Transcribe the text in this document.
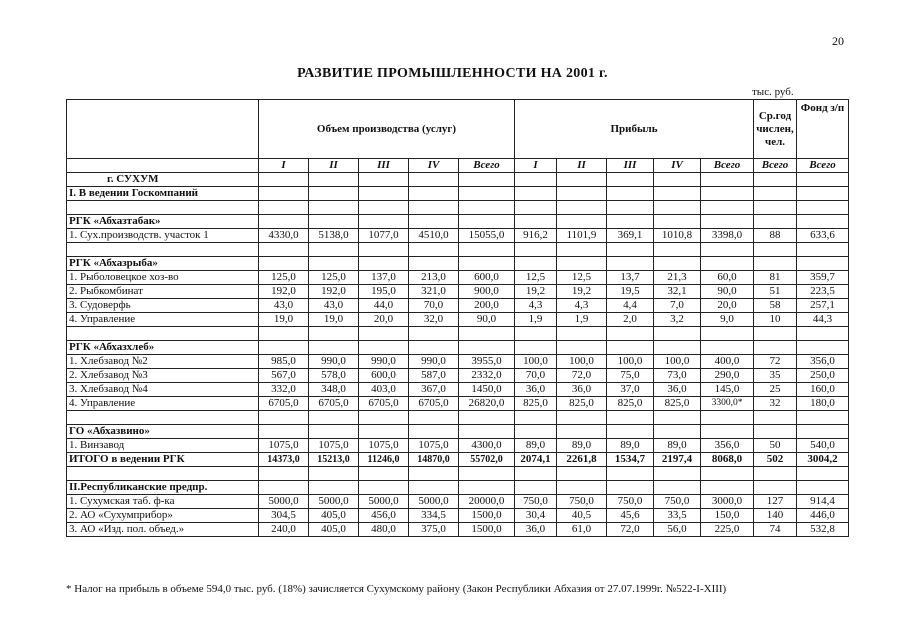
20
РАЗВИТИЕ ПРОМЫШЛЕННОСТИ НА 2001 г.
тыс. руб.
	Объем производства (услуг)					Прибыль					Ср.год числен, чел.	Фонд з/п
	I	II	III	IV	Всего	I	II	III	IV	Всего	Всего	Всего
г. СУХУМ												
I. В ведении Госкомпаний												

РГК «Абхазтабак»												
1. Сух.производств. участок 1	4330,0	5138,0	1077,0	4510,0	15055,0	916,2	1101,9	369,1	1010,8	3398,0	88	633,6

РГК «Абхазрыба»												
1. Рыболовецкое хоз-во	125,0	125,0	137,0	213,0	600,0	12,5	12,5	13,7	21,3	60,0	81	359,7
2. Рыбкомбинат	192,0	192,0	195,0	321,0	900,0	19,2	19,2	19,5	32,1	90,0	51	223,5
3. Судоверфь	43,0	43,0	44,0	70,0	200,0	4,3	4,3	4,4	7,0	20,0	58	257,1
4. Управление	19,0	19,0	20,0	32,0	90,0	1,9	1,9	2,0	3,2	9,0	10	44,3

РГК «Абхазхлеб»												
1. Хлебзавод №2	985,0	990,0	990,0	990,0	3955,0	100,0	100,0	100,0	100,0	400,0	72	356,0
2. Хлебзавод №3	567,0	578,0	600,0	587,0	2332,0	70,0	72,0	75,0	73,0	290,0	35	250,0
3. Хлебзавод №4	332,0	348,0	403,0	367,0	1450,0	36,0	36,0	37,0	36,0	145,0	25	160,0
4. Управление	6705,0	6705,0	6705,0	6705,0	26820,0	825,0	825,0	825,0	825,0	3300,0*	32	180,0

ГО «Абхазвино»												
1. Винзавод	1075,0	1075,0	1075,0	1075,0	4300,0	89,0	89,0	89,0	89,0	356,0	50	540,0
ИТОГО в ведении РГК	14373,0	15213,0	11246,0	14870,0	55702,0	2074,1	2261,8	1534,7	2197,4	8068,0	502	3004,2

II.Республиканские предпр.												
1. Сухумская таб. ф-ка	5000,0	5000,0	5000,0	5000,0	20000,0	750,0	750,0	750,0	750,0	3000,0	127	914,4
2. АО «Сухумприбор»	304,5	405,0	456,0	334,5	1500,0	30,4	40,5	45,6	33,5	150,0	140	446,0
3. АО «Изд. пол. объед.»	240,0	405,0	480,0	375,0	1500,0	36,0	61,0	72,0	56,0	225,0	74	532,8
* Налог на прибыль в объеме 594,0 тыс. руб. (18%) зачисляется Сухумскому району (Закон Республики Абхазия от 27.07.1999г. №522-I-XIII)
